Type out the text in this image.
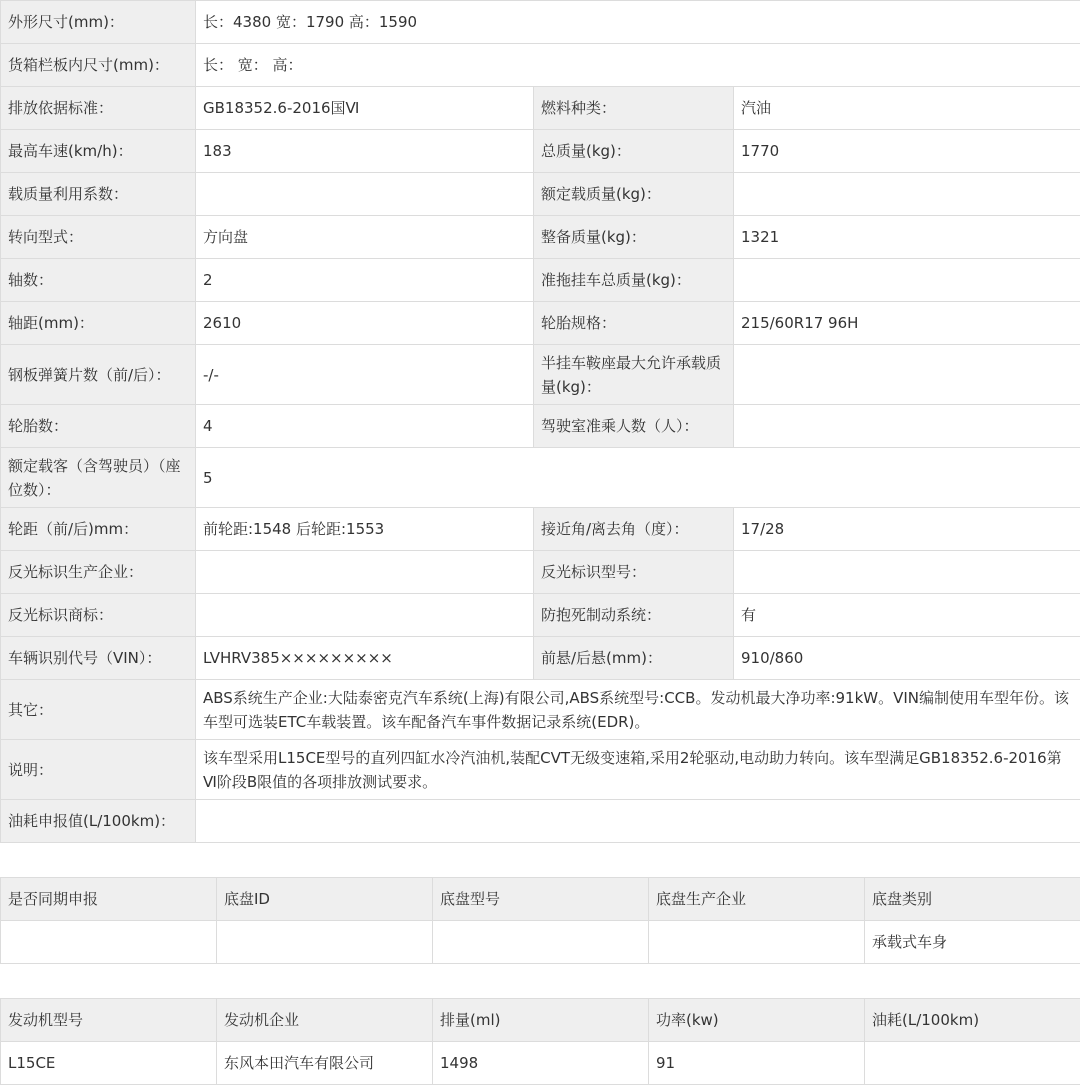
外形尺寸(mm)：	长：4380 宽：1790 高：1590		
货箱栏板内尺寸(mm)：	长： 宽： 高：		
排放依据标准：	GB18352.6-2016国Ⅵ	燃料种类：	汽油
最高车速(km/h)：	183	总质量(kg)：	1770
载质量利用系数：		额定载质量(kg)：	
转向型式：	方向盘	整备质量(kg)：	1321
轴数：	2	准拖挂车总质量(kg)：	
轴距(mm)：	2610	轮胎规格：	215/60R17 96H
钢板弹簧片数（前/后）：	-/-	半挂车鞍座最大允许承载质量(kg)：	
轮胎数：	4	驾驶室准乘人数（人）：	
额定载客（含驾驶员）（座位数）：	5		
轮距（前/后)mm：	前轮距:1548 后轮距:1553	接近角/离去角（度）：	17/28
反光标识生产企业：		反光标识型号：	
反光标识商标：		防抱死制动系统：	有
车辆识别代号（VIN）：	LVHRV385×××××××××	前悬/后悬(mm)：	910/860
其它：	ABS系统生产企业:大陆泰密克汽车系统(上海)有限公司,ABS系统型号:CCB。发动机最大净功率:91kW。VIN编制使用车型年份。该车型可选装ETC车载装置。该车配备汽车事件数据记录系统(EDR)。		
说明：	该车型采用L15CE型号的直列四缸水冷汽油机,装配CVT无级变速箱,采用2轮驱动,电动助力转向。该车型满足GB18352.6-2016第Ⅵ阶段B限值的各项排放测试要求。		
油耗申报值(L/100km)：			
是否同期申报	底盘ID	底盘型号	底盘生产企业	底盘类别
				承载式车身
发动机型号	发动机企业	排量(ml)	功率(kw)	油耗(L/100km)
L15CE	东风本田汽车有限公司	1498	91	
